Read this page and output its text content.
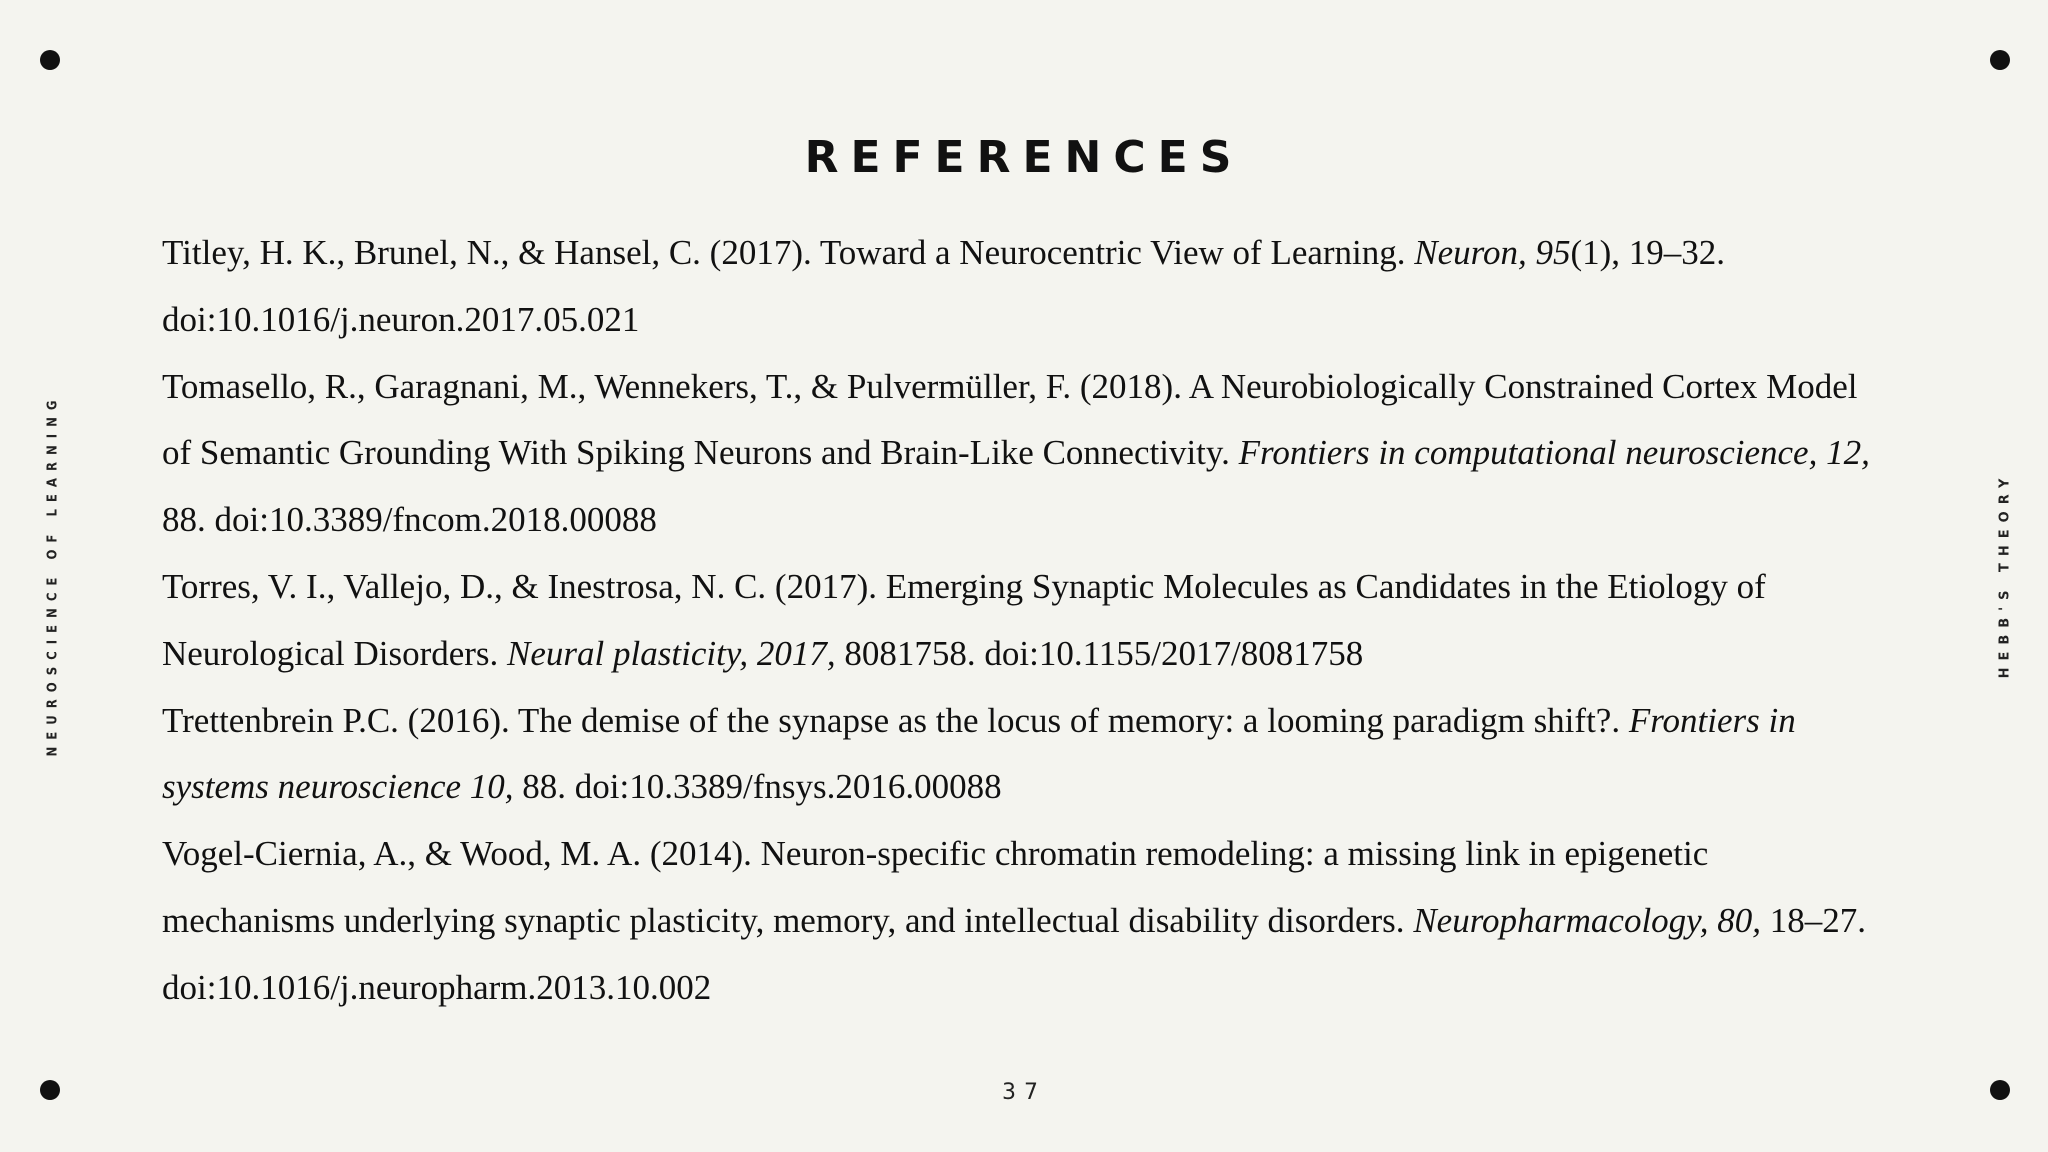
REFERENCES
NEUROSCIENCE OF LEARNING	HEBB'S THEORY

Titley, H. K., Brunel, N., & Hansel, C. (2017). Toward a Neurocentric View of Learning. Neuron, 95(1), 19–32. doi:10.1016/j.neuron.2017.05.021

Tomasello, R., Garagnani, M., Wennekers, T., & Pulvermüller, F. (2018). A Neurobiologically Constrained Cortex Model of Semantic Grounding With Spiking Neurons and Brain-Like Connectivity. Frontiers in computational neuroscience, 12, 88. doi:10.3389/fncom.2018.00088

Torres, V. I., Vallejo, D., & Inestrosa, N. C. (2017). Emerging Synaptic Molecules as Candidates in the Etiology of Neurological Disorders. Neural plasticity, 2017, 8081758. doi:10.1155/2017/8081758

Trettenbrein P.C. (2016). The demise of the synapse as the locus of memory: a looming paradigm shift?. Frontiers in systems neuroscience 10, 88. doi:10.3389/fnsys.2016.00088

Vogel-Ciernia, A., & Wood, M. A. (2014). Neuron-specific chromatin remodeling: a missing link in epigenetic mechanisms underlying synaptic plasticity, memory, and intellectual disability disorders. Neuropharmacology, 80, 18–27. doi:10.1016/j.neuropharm.2013.10.002

37
